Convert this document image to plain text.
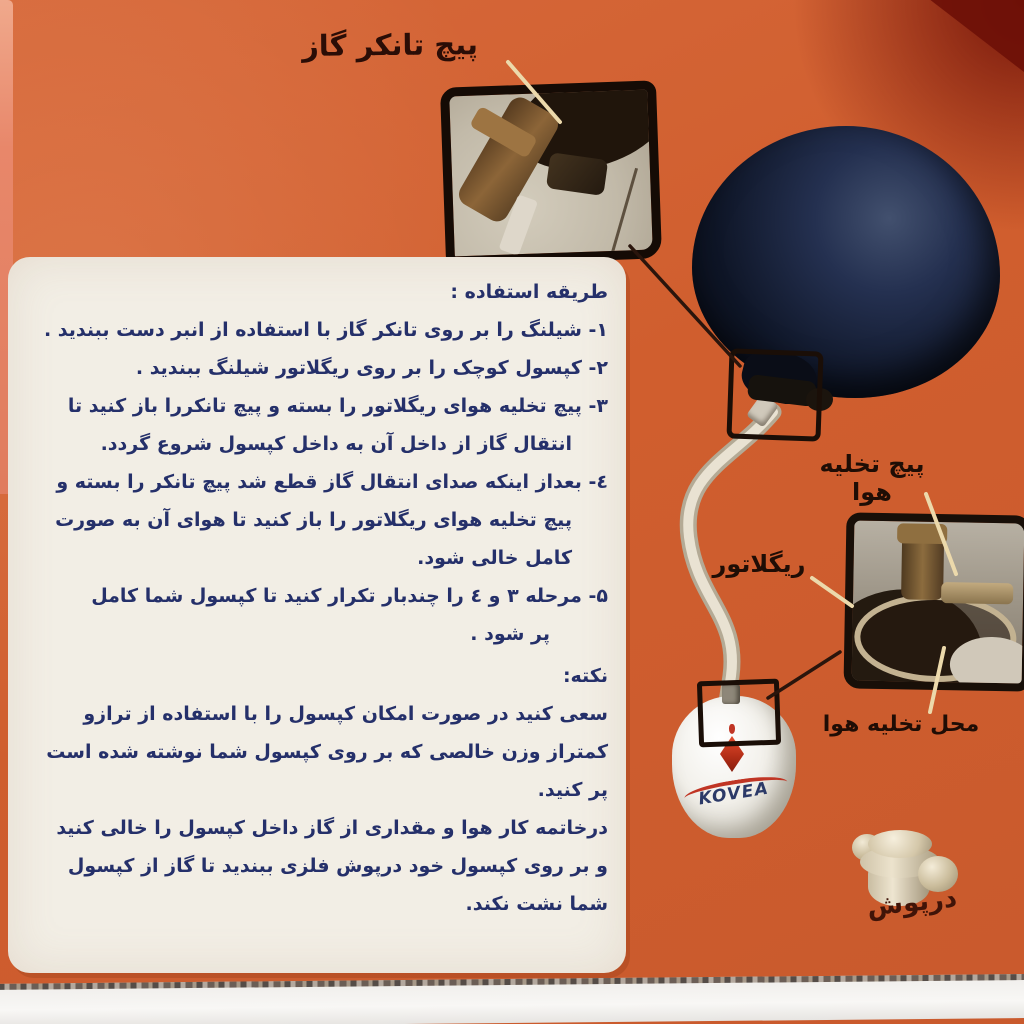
KOVEA
طریقه استفاده :
۱- شیلنگ را بر روی تانکر گاز با استفاده از انبر دست ببندید .
۲- کپسول کوچک را بر روی ریگلاتور شیلنگ ببندید .
۳- پیچ تخلیه هوای ریگلاتور را بسته و پیچ تانکررا باز کنید تا
انتقال گاز از داخل آن به داخل کپسول شروع گردد.
٤- بعداز اینکه صدای انتقال گاز قطع شد پیچ تانکر را بسته و
پیچ تخلیه هوای ریگلاتور را باز کنید تا هوای آن به صورت
کامل خالی شود.
۵- مرحله ۳ و ٤ را چندبار تکرار کنید تا کپسول شما کامل
پر شود .
نکته:
سعی کنید در صورت امکان کپسول را با استفاده از ترازو
کمتراز وزن خالصی که بر روی کپسول شما نوشته شده است
پر کنید.
درخاتمه کار هوا و مقداری از گاز داخل کپسول را خالی کنید
و بر روی کپسول خود درپوش فلزی ببندید تا گاز از کپسول
شما نشت نکند.
پیچ تانکر گاز
پیچ تخلیه هوا
ریگلاتور
محل تخلیه هوا
درپوش
